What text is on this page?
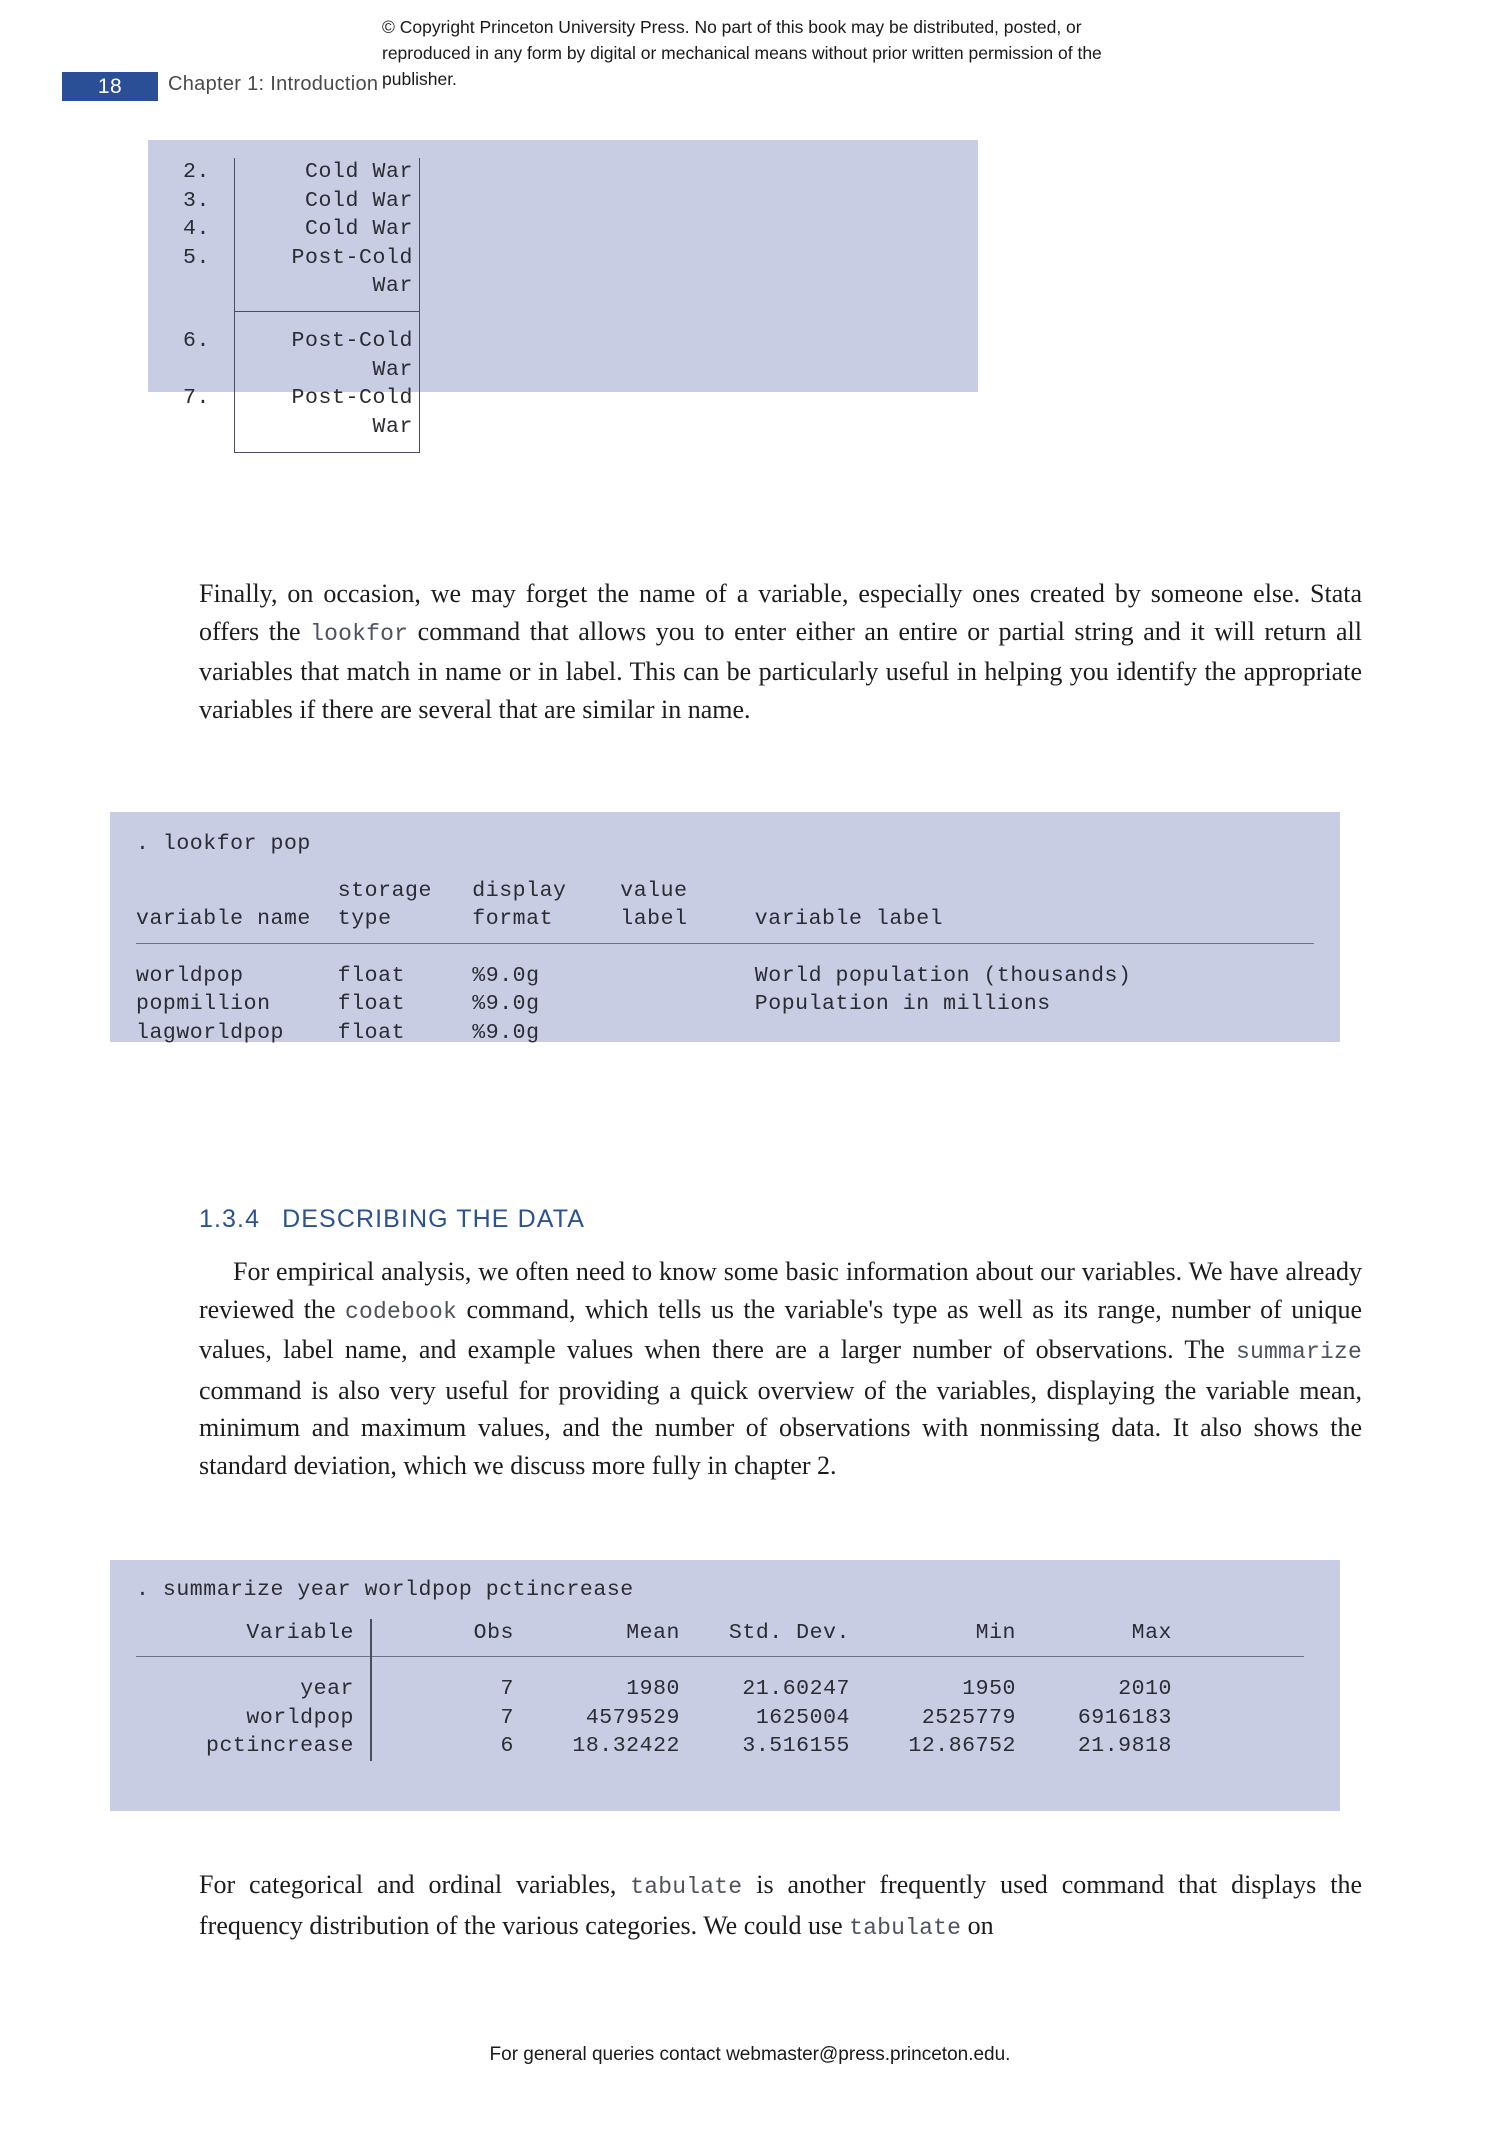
© Copyright Princeton University Press. No part of this book may be distributed, posted, or reproduced in any form by digital or mechanical means without prior written permission of the publisher.
18	Chapter 1: Introduction
2.	Cold War
3.	Cold War
4.	Cold War
5.	Post-Cold War
6.	Post-Cold War
7.	Post-Cold War
Finally, on occasion, we may forget the name of a variable, especially ones created by someone else. Stata offers the lookfor command that allows you to enter either an entire or partial string and it will return all variables that match in name or in label. This can be particularly useful in helping you identify the appropriate variables if there are several that are similar in name.
. lookfor pop
storage   display    value
variable name  type      format     label     variable label
worldpop       float     %9.0g                World population (thousands)
popmillion     float     %9.0g                Population in millions
lagworldpop    float     %9.0g
1.3.4 DESCRIBING THE DATA
For empirical analysis, we often need to know some basic information about our variables. We have already reviewed the codebook command, which tells us the variable's type as well as its range, number of unique values, label name, and example values when there are a larger number of observations. The summarize command is also very useful for providing a quick overview of the variables, displaying the variable mean, minimum and maximum values, and the number of observations with nonmissing data. It also shows the standard deviation, which we discuss more fully in chapter 2.
. summarize year worldpop pctincrease
Variable	Obs	Mean	Std. Dev.	Min	Max
year	7	1980	21.60247	1950	2010
worldpop	7	4579529	1625004	2525779	6916183
pctincrease	6	18.32422	3.516155	12.86752	21.9818
For categorical and ordinal variables, tabulate is another frequently used command that displays the frequency distribution of the various categories. We could use tabulate on
For general queries contact webmaster@press.princeton.edu.
